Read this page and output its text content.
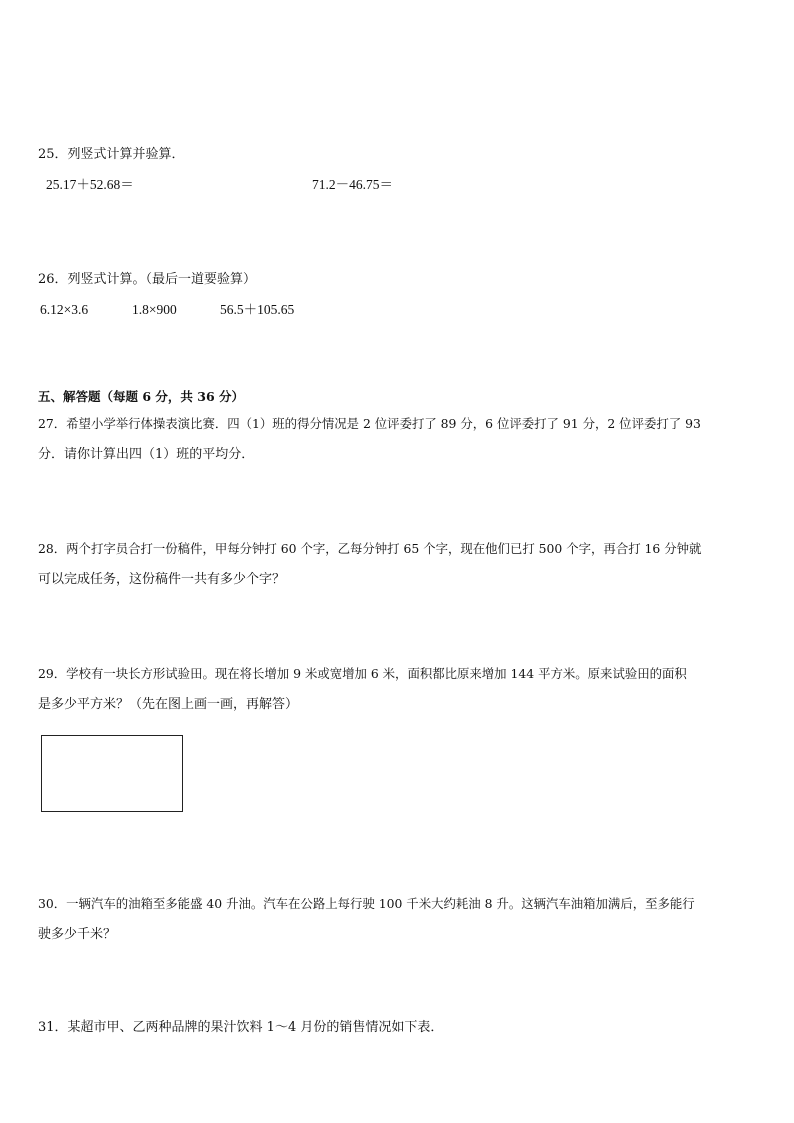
25．列竖式计算并验算．
25.17＋52.68＝	71.2－46.75＝
26．列竖式计算。（最后一道要验算）
6.12×3.6	1.8×900	56.5＋105.65
五、解答题（每题 6 分，共 36 分）
27．希望小学举行体操表演比赛．四（1）班的得分情况是 2 位评委打了 89 分，6 位评委打了 91 分，2 位评委打了 93
分．请你计算出四（1）班的平均分．
28．两个打字员合打一份稿件，甲每分钟打 60 个字，乙每分钟打 65 个字，现在他们已打 500 个字，再合打 16 分钟就
可以完成任务，这份稿件一共有多少个字？
29．学校有一块长方形试验田。现在将长增加 9 米或宽增加 6 米，面积都比原来增加 144 平方米。原来试验田的面积
是多少平方米？（先在图上画一画，再解答）
30．一辆汽车的油箱至多能盛 40 升油。汽车在公路上每行驶 100 千米大约耗油 8 升。这辆汽车油箱加满后，至多能行
驶多少千米？
31．某超市甲、乙两种品牌的果汁饮料 1～4 月份的销售情况如下表．
